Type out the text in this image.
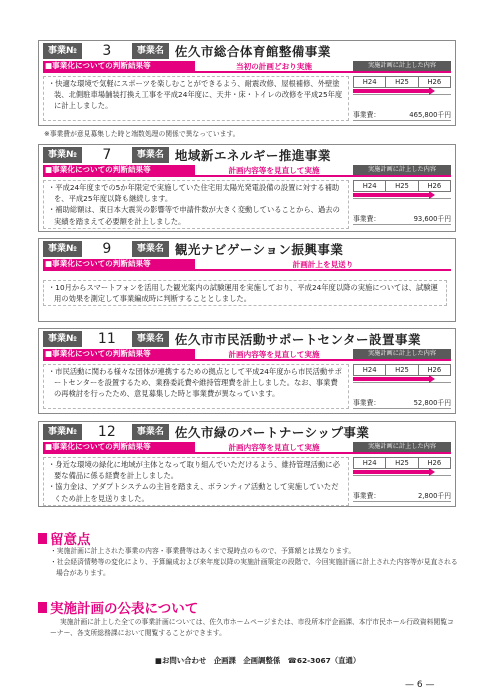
事業№	3	事業名 佐久市総合体育館整備事業
■事業化についての判断結果等	当初の計画どおり実施	実施計画に計上した内容

・快適な環境で気軽にスポーツを楽しむことができるよう、耐震改修、屋根補修、外壁塗装、北側駐車場舗装打換え工事を平成24年度に、天井・床・トイレの改修を平成25年度に計上しました。

H24	H25	H26
事業費：	465,800千円
事業№	7	事業名 地域新エネルギー推進事業
■事業化についての判断結果等	計画内容等を見直して実施	実施計画に計上した内容

・平成24年度までの5か年限定で実施していた住宅用太陽光発電設備の設置に対する補助を、平成25年度以降も継続します。

・補助総額は、東日本大震災の影響等で申請件数が大きく変動していることから、過去の実績を踏まえて必要額を計上しました。

H24	H25	H26
事業費：	93,600千円
事業№	9	事業名 観光ナビゲーション振興事業
■事業化についての判断結果等	計画計上を見送り

・10月からスマートフォンを活用した観光案内の試験運用を実施しており、平成24年度以降の実施については、試験運用の効果を測定して事業編成時に判断することとしました。

事業№	11	事業名 佐久市市民活動サポートセンター設置事業
■事業化についての判断結果等	計画内容等を見直して実施	実施計画に計上した内容

・市民活動に関わる様々な団体が連携するための拠点として平成24年度から市民活動サポートセンターを設置するため、業務委託費や維持管理費を計上しました。なお、事業費の再検討を行ったため、意見募集した時と事業費が異なっています。

H24	H25	H26
事業費：	52,800千円
事業№	12	事業名 佐久市緑のパートナーシップ事業
■事業化についての判断結果等	計画内容等を見直して実施	実施計画に計上した内容

・身近な環境の緑化に地域が主体となって取り組んでいただけるよう、維持管理活動に必要な備品に係る経費を計上しました。

・協力金は、アダプトシステムの主旨を踏まえ、ボランティア活動として実施していただくため計上を見送りました。

H24	H25	H26
事業費：	2,800千円
※事業費が意見募集した時と端数処理の関係で異なっています。
留意点

・実施計画に計上された事業の内容・事業費等はあくまで現時点のもので、予算額とは異なります。

・社会経済情勢等の変化により、予算編成および来年度以降の実施計画策定の段階で、今回実施計画に計上された内容等が見直される場合があります。

実施計画の公表について
実施計画に計上した全ての事業計画については、佐久市ホームページまたは、市役所本庁企画課、本庁市民ホール行政資料閲覧コーナー、各支所総務課において閲覧することができます。
■お問い合わせ　企画課　企画調整係　☎62-3067（直通）
— 6 —
